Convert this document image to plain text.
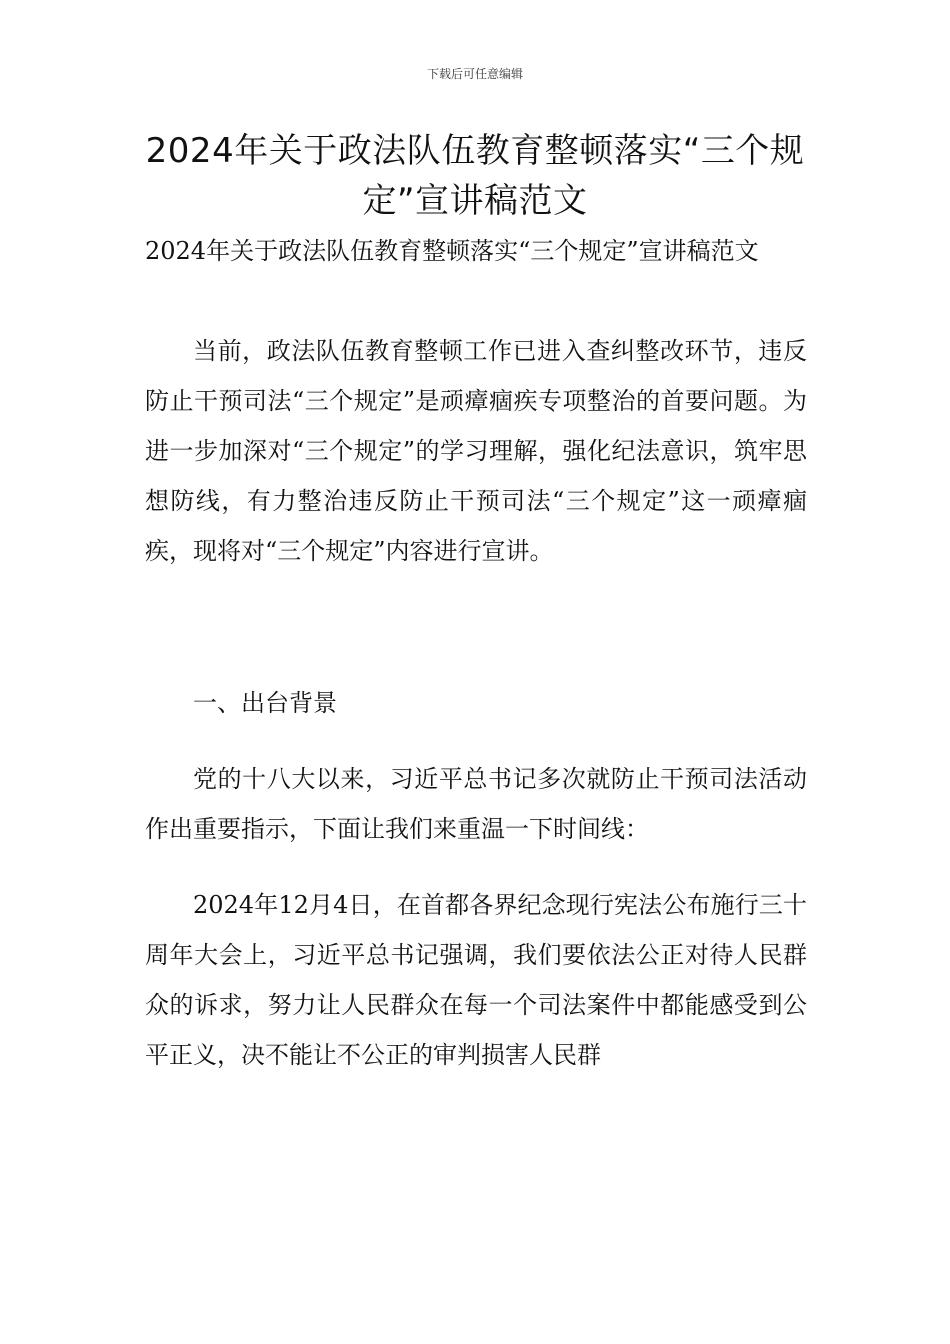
下载后可任意编辑
2024年关于政法队伍教育整顿落实“三个规定”宣讲稿范文

2024年关于政法队伍教育整顿落实“三个规定”宣讲稿范文

当前，政法队伍教育整顿工作已进入查纠整改环节，违反防止干预司法“三个规定”是顽瘴痼疾专项整治的首要问题。为进一步加深对“三个规定”的学习理解，强化纪法意识，筑牢思想防线，有力整治违反防止干预司法“三个规定”这一顽瘴痼疾，现将对“三个规定”内容进行宣讲。

一、出台背景

党的十八大以来，习近平总书记多次就防止干预司法活动作出重要指示，下面让我们来重温一下时间线：

2024年12月4日，在首都各界纪念现行宪法公布施行三十周年大会上，习近平总书记强调，我们要依法公正对待人民群众的诉求，努力让人民群众在每一个司法案件中都能感受到公平正义，决不能让不公正的审判损害人民群
